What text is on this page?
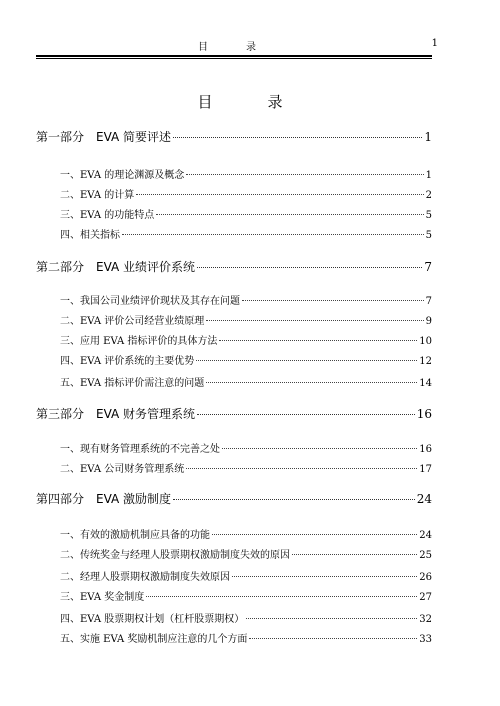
目　录	1
目　录
第一部分　EVA 简要评述	1
一、EVA 的理论渊源及概念	1
二、EVA 的计算	2
三、EVA 的功能特点	5
四、相关指标	5
第二部分　EVA 业绩评价系统	7
一、我国公司业绩评价现状及其存在问题	7
二、EVA 评价公司经营业绩原理	9
三、应用 EVA 指标评价的具体方法	10
四、EVA 评价系统的主要优势	12
五、EVA 指标评价需注意的问题	14
第三部分　EVA 财务管理系统	16
一、现有财务管理系统的不完善之处	16
二、EVA 公司财务管理系统	17
第四部分　EVA 激励制度	24
一、有效的激励机制应具备的功能	24
二、传统奖金与经理人股票期权激励制度失效的原因	25
二、经理人股票期权激励制度失效原因	26
三、EVA 奖金制度	27
四、EVA 股票期权计划（杠杆股票期权）	32
五、实施 EVA 奖励机制应注意的几个方面	33
